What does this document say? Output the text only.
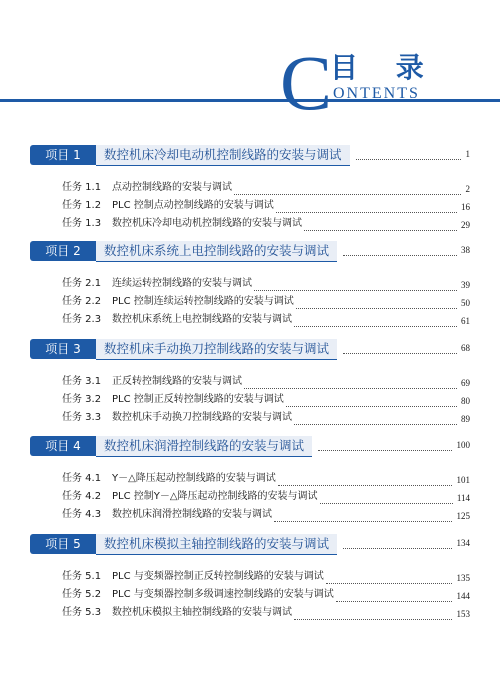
C
目 录
ONTENTS
项目 1	数控机床冷却电动机控制线路的安装与调试	1
任务 1.1 点动控制线路的安装与调试	2
任务 1.2 PLC 控制点动控制线路的安装与调试	16
任务 1.3 数控机床冷却电动机控制线路的安装与调试	29
项目 2	数控机床系统上电控制线路的安装与调试	38
任务 2.1 连续运转控制线路的安装与调试	39
任务 2.2 PLC 控制连续运转控制线路的安装与调试	50
任务 2.3 数控机床系统上电控制线路的安装与调试	61
项目 3	数控机床手动换刀控制线路的安装与调试	68
任务 3.1 正反转控制线路的安装与调试	69
任务 3.2 PLC 控制正反转控制线路的安装与调试	80
任务 3.3 数控机床手动换刀控制线路的安装与调试	89
项目 4	数控机床润滑控制线路的安装与调试	100
任务 4.1 Y－△降压起动控制线路的安装与调试	101
任务 4.2 PLC 控制Y－△降压起动控制线路的安装与调试	114
任务 4.3 数控机床润滑控制线路的安装与调试	125
项目 5	数控机床模拟主轴控制线路的安装与调试	134
任务 5.1 PLC 与变频器控制正反转控制线路的安装与调试	135
任务 5.2 PLC 与变频器控制多级调速控制线路的安装与调试	144
任务 5.3 数控机床模拟主轴控制线路的安装与调试	153
